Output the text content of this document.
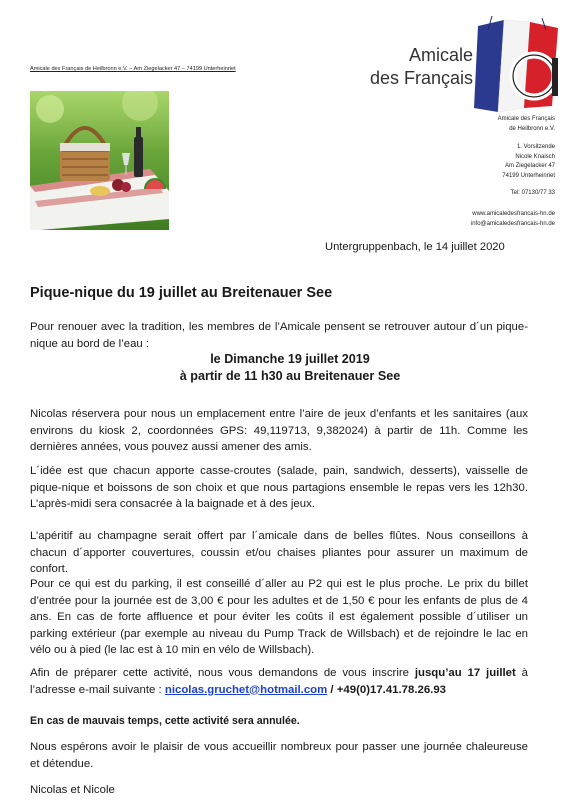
Amicale des Français de Heilbronn e.V. – Am Ziegelacker 47 – 74199 Unterheinriet
Amicale
des Français
Amicale des Français
de Heilbronn e.V.
1. Vorsitzende
Nicole Knaisch
Am Ziegelacker 47
74199 Unterheinriet
Tel: 07130/77 33
www.amicaledesfrancais-hn.de
info@amicaledesfrancais-hn.de
Untergruppenbach, le 14 juillet 2020
Pique-nique du 19 juillet au Breitenauer See
Pour renouer avec la tradition, les membres de l’Amicale pensent se retrouver autour d´un pique-nique au bord de l’eau :
le Dimanche 19 juillet 2019
à partir de 11 h30 au Breitenauer See
Nicolas réservera pour nous un emplacement entre l’aire de jeux d’enfants et les sanitaires (aux environs du kiosk 2, coordonnées GPS: 49,119713, 9,382024) à partir de 11h. Comme les dernières années, vous pouvez aussi amener des amis.
L´idée est que chacun apporte casse-croutes (salade, pain, sandwich, desserts), vaisselle de pique-nique et boissons de son choix et que nous partagions ensemble le repas vers les 12h30. L’après-midi sera consacrée à la baignade et à des jeux.
L’apéritif au champagne serait offert par l´amicale dans de belles flûtes. Nous conseillons à chacun d´apporter couvertures, coussin et/ou chaises pliantes pour assurer un maximum de confort.
Pour ce qui est du parking, il est conseillé d´aller au P2 qui est le plus proche. Le prix du billet d’entrée pour la journée est de 3,00 € pour les adultes et de 1,50 € pour les enfants de plus de 4 ans. En cas de forte affluence et pour éviter les coûts il est également possible d´utiliser un parking extérieur (par exemple au niveau du Pump Track de Willsbach) et de rejoindre le lac en vélo ou à pied (le lac est à 10 min en vélo de Willsbach).
Afin de préparer cette activité, nous vous demandons de vous inscrire jusqu’au 17 juillet à l’adresse e-mail suivante : nicolas.gruchet@hotmail.com / +49(0)17.41.78.26.93
En cas de mauvais temps, cette activité sera annulée.
Nous espérons avoir le plaisir de vous accueillir nombreux pour passer une journée chaleureuse et détendue.
Nicolas et Nicole
